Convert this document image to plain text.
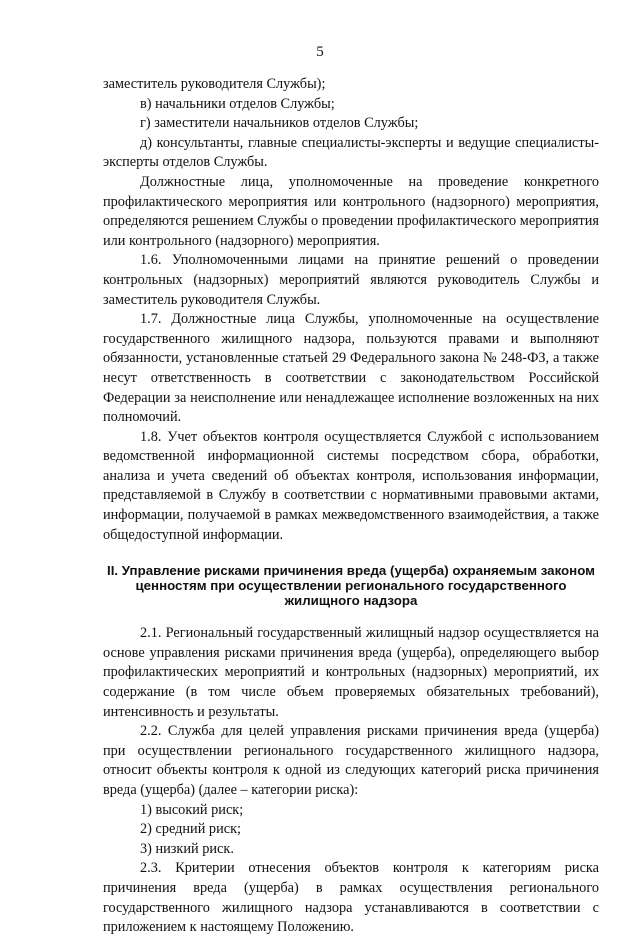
5

заместитель руководителя Службы);

в) начальники отделов Службы;

г) заместители начальников отделов Службы;

д) консультанты, главные специалисты-эксперты и ведущие специалисты-эксперты отделов Службы.

Должностные лица, уполномоченные на проведение конкретного профилактического мероприятия или контрольного (надзорного) мероприятия, определяются решением Службы о проведении профилактического мероприятия или контрольного (надзорного) мероприятия.

1.6. Уполномоченными лицами на принятие решений о проведении контрольных (надзорных) мероприятий являются руководитель Службы и заместитель руководителя Службы.

1.7. Должностные лица Службы, уполномоченные на осуществление государственного жилищного надзора, пользуются правами и выполняют обязанности, установленные статьей 29 Федерального закона № 248-ФЗ, а также несут ответственность в соответствии с законодательством Российской Федерации за неисполнение или ненадлежащее исполнение возложенных на них полномочий.

1.8. Учет объектов контроля осуществляется Службой с использованием ведомственной информационной системы посредством сбора, обработки, анализа и учета сведений об объектах контроля, использования информации, представляемой в Службу в соответствии с нормативными правовыми актами, информации, получаемой в рамках межведомственного взаимодействия, а также общедоступной информации.

II. Управление рисками причинения вреда (ущерба) охраняемым законом ценностям при осуществлении регионального государственного жилищного надзора

2.1. Региональный государственный жилищный надзор осуществляется на основе управления рисками причинения вреда (ущерба), определяющего выбор профилактических мероприятий и контрольных (надзорных) мероприятий, их содержание (в том числе объем проверяемых обязательных требований), интенсивность и результаты.

2.2. Служба для целей управления рисками причинения вреда (ущерба) при осуществлении регионального государственного жилищного надзора, относит объекты контроля к одной из следующих категорий риска причинения вреда (ущерба) (далее – категории риска):

1) высокий риск;

2) средний риск;

3) низкий риск.

2.3. Критерии отнесения объектов контроля к категориям риска причинения вреда (ущерба) в рамках осуществления регионального государственного жилищного надзора устанавливаются в соответствии с приложением к настоящему Положению.
